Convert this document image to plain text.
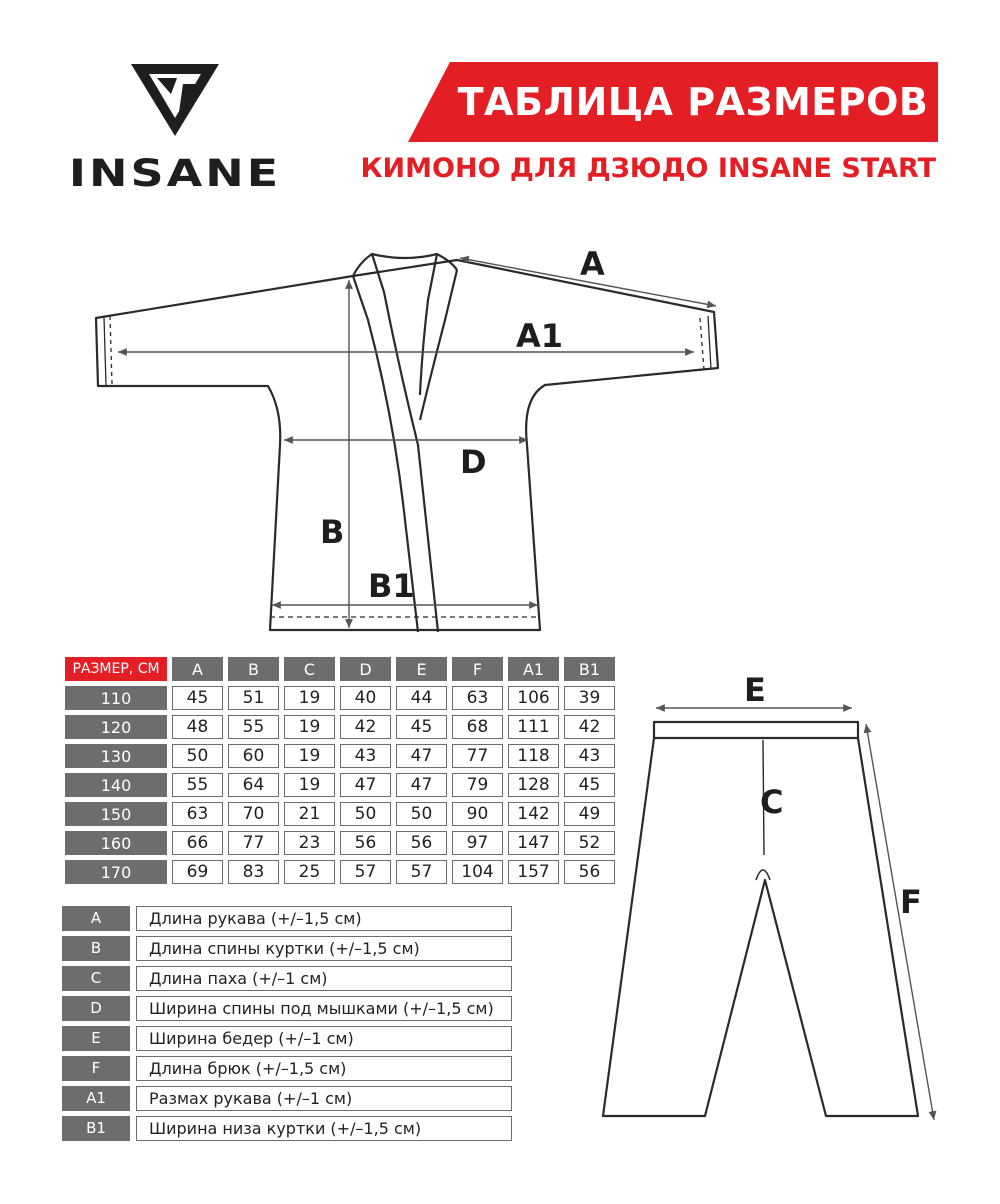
INSANE
ТАБЛИЦА РАЗМЕРОВ
КИМОНО ДЛЯ ДЗЮДО INSANE START
A
A1
D
B
B1
E
C
F
РАЗМЕР, СМ	A	B	C	D	E	F	A1	B1
110	45	51	19	40	44	63	106	39
120	48	55	19	42	45	68	111	42
130	50	60	19	43	47	77	118	43
140	55	64	19	47	47	79	128	45
150	63	70	21	50	50	90	142	49
160	66	77	23	56	56	97	147	52
170	69	83	25	57	57	104	157	56
A	Длина рукава (+/–1,5 см)
B	Длина спины куртки (+/–1,5 см)
C	Длина паха (+/–1 см)
D	Ширина спины под мышками (+/–1,5 см)
E	Ширина бедер (+/–1 см)
F	Длина брюк (+/–1,5 см)
A1	Размах рукава (+/–1 см)
B1	Ширина низа куртки (+/–1,5 см)
